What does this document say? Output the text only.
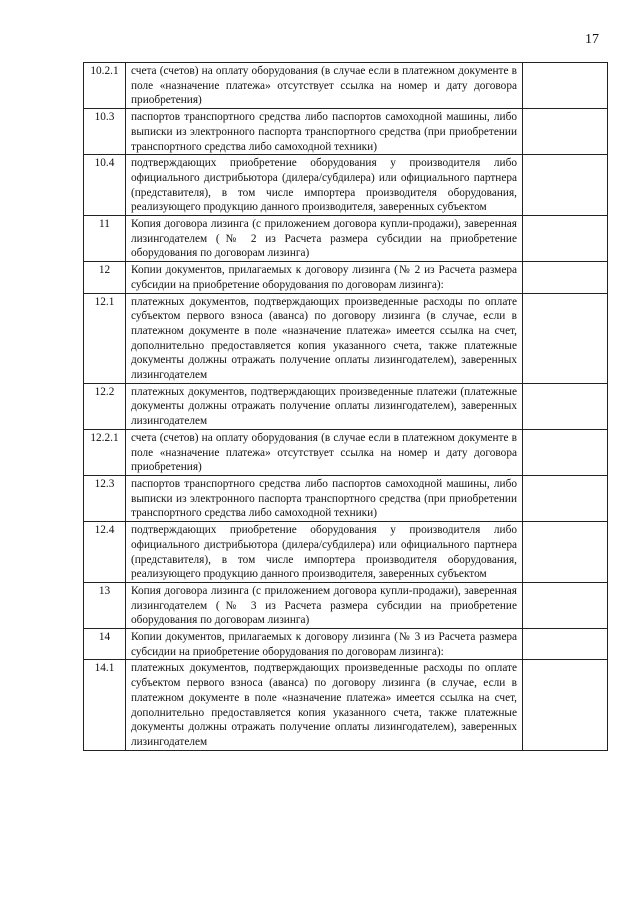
17
10.2.1	счета (счетов) на оплату оборудования (в случае если в платежном документе в поле «назначение платежа» отсутствует ссылка на номер и дату договора приобретения)	
10.3	паспортов транспортного средства либо паспортов самоходной машины, либо выписки из электронного паспорта транспортного средства (при приобретении транспортного средства либо самоходной техники)	
10.4	подтверждающих приобретение оборудования у производителя либо официального дистрибьютора (дилера/субдилера) или официального партнера (представителя), в том числе импортера производителя оборудования, реализующего продукцию данного производителя, заверенных субъектом	
11	Копия договора лизинга (с приложением договора купли-продажи), заверенная лизингодателем (№ 2 из Расчета размера субсидии на приобретение оборудования по договорам лизинга)	
12	Копии документов, прилагаемых к договору лизинга (№ 2 из Расчета размера субсидии на приобретение оборудования по договорам лизинга):	
12.1	платежных документов, подтверждающих произведенные расходы по оплате субъектом первого взноса (аванса) по договору лизинга (в случае, если в платежном документе в поле «назначение платежа» имеется ссылка на счет, дополнительно предоставляется копия указанного счета, также платежные документы должны отражать получение оплаты лизингодателем), заверенных лизингодателем	
12.2	платежных документов, подтверждающих произведенные платежи (платежные документы должны отражать получение оплаты лизингодателем), заверенных лизингодателем	
12.2.1	счета (счетов) на оплату оборудования (в случае если в платежном документе в поле «назначение платежа» отсутствует ссылка на номер и дату договора приобретения)	
12.3	паспортов транспортного средства либо паспортов самоходной машины, либо выписки из электронного паспорта транспортного средства (при приобретении транспортного средства либо самоходной техники)	
12.4	подтверждающих приобретение оборудования у производителя либо официального дистрибьютора (дилера/субдилера) или официального партнера (представителя), в том числе импортера производителя оборудования, реализующего продукцию данного производителя, заверенных субъектом	
13	Копия договора лизинга (с приложением договора купли-продажи), заверенная лизингодателем (№ 3 из Расчета размера субсидии на приобретение оборудования по договорам лизинга)	
14	Копии документов, прилагаемых к договору лизинга (№ 3 из Расчета размера субсидии на приобретение оборудования по договорам лизинга):	
14.1	платежных документов, подтверждающих произведенные расходы по оплате субъектом первого взноса (аванса) по договору лизинга (в случае, если в платежном документе в поле «назначение платежа» имеется ссылка на счет, дополнительно предоставляется копия указанного счета, также платежные документы должны отражать получение оплаты лизингодателем), заверенных лизингодателем	
